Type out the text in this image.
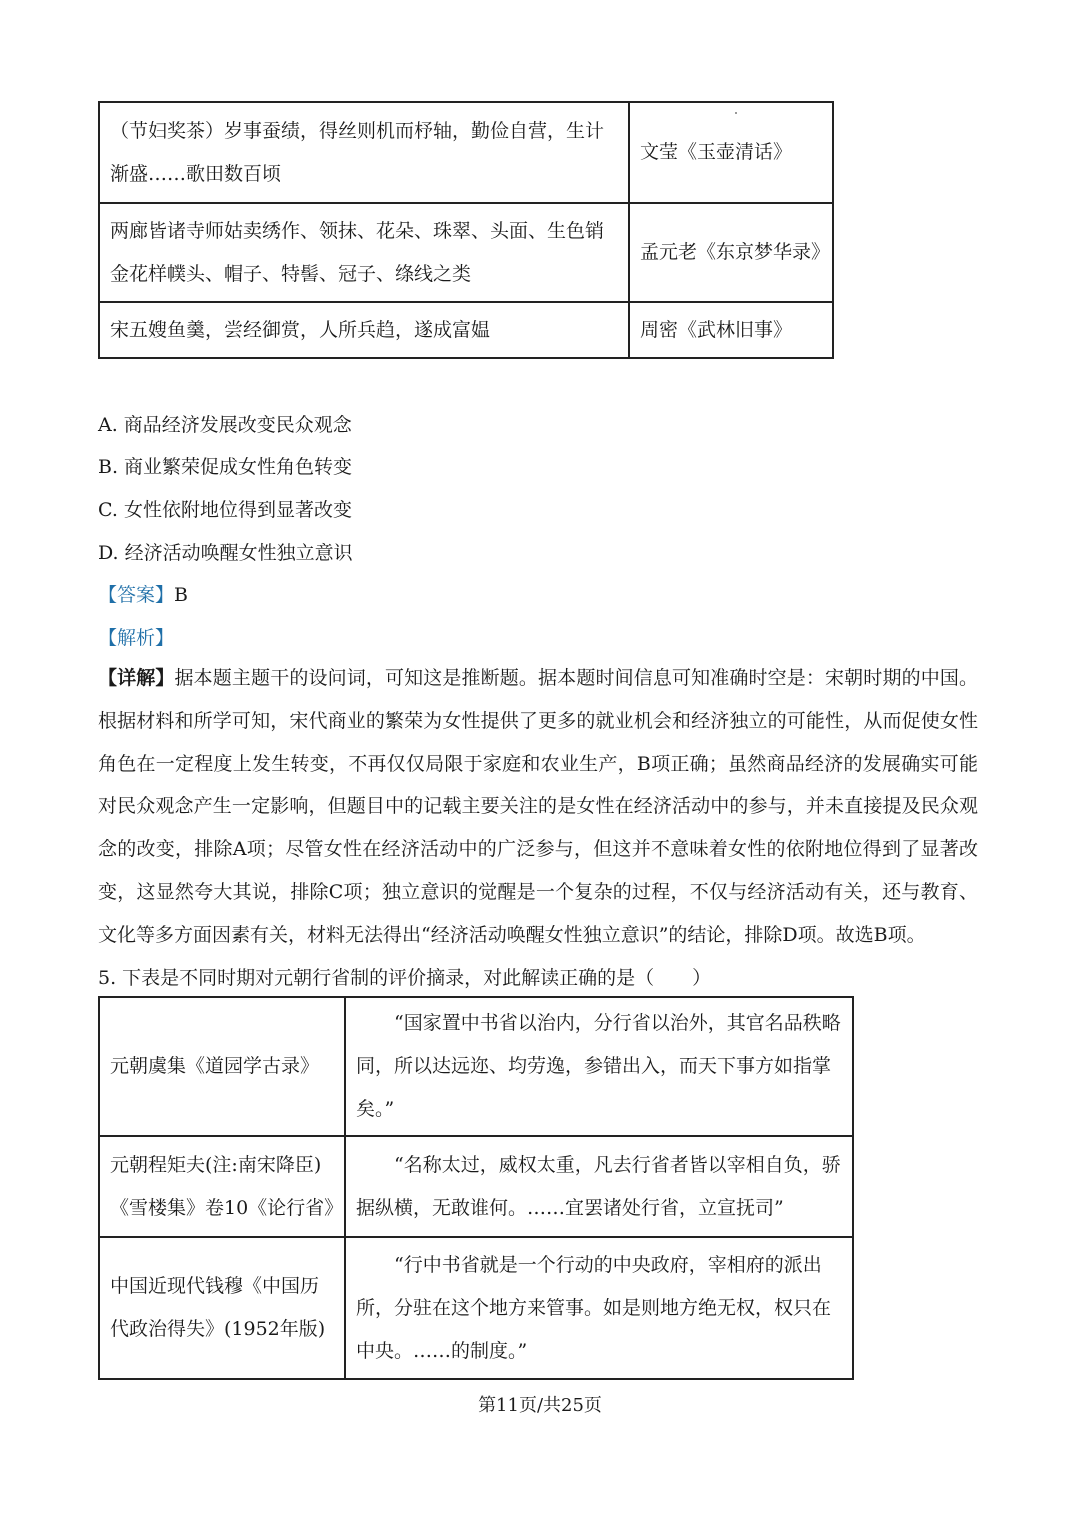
（节妇奖茶）岁事蚕绩，得丝则机而杼轴，勤俭自营，生计渐盛……歌田数百顷	文莹《玉壶清话》
两廊皆诸寺师姑卖绣作、领抹、花朵、珠翠、头面、生色销金花样幞头、帽子、特髻、冠子、绦线之类	孟元老《东京梦华录》
宋五嫂鱼羹，尝经御赏，人所兵趋，遂成富媪	周密《武林旧事》
A. 商品经济发展改变民众观念
B. 商业繁荣促成女性角色转变
C. 女性依附地位得到显著改变
D. 经济活动唤醒女性独立意识
【答案】B
【解析】
【详解】据本题主题干的设问词，可知这是推断题。据本题时间信息可知准确时空是：宋朝时期的中国。根据材料和所学可知，宋代商业的繁荣为女性提供了更多的就业机会和经济独立的可能性，从而促使女性角色在一定程度上发生转变，不再仅仅局限于家庭和农业生产，B项正确；虽然商品经济的发展确实可能对民众观念产生一定影响，但题目中的记载主要关注的是女性在经济活动中的参与，并未直接提及民众观念的改变，排除A项；尽管女性在经济活动中的广泛参与，但这并不意味着女性的依附地位得到了显著改变，这显然夸大其说，排除C项；独立意识的觉醒是一个复杂的过程，不仅与经济活动有关，还与教育、文化等多方面因素有关，材料无法得出“经济活动唤醒女性独立意识”的结论，排除D项。故选B项。
5. 下表是不同时期对元朝行省制的评价摘录，对此解读正确的是（　　）
元朝虞集《道园学古录》	“国家置中书省以治内，分行省以治外，其官名品秩略同，所以达远迩、均劳逸，参错出入，而天下事方如指掌矣。”
元朝程矩夫(注:南宋降臣)《雪楼集》卷10《论行省》	“名称太过，威权太重，凡去行省者皆以宰相自负，骄据纵横，无敢谁何。……宜罢诸处行省，立宣抚司”
中国近现代钱穆《中国历代政治得失》(1952年版)	“行中书省就是一个行动的中央政府，宰相府的派出所，分驻在这个地方来管事。如是则地方绝无权，权只在中央。……的制度。”
第11页/共25页
